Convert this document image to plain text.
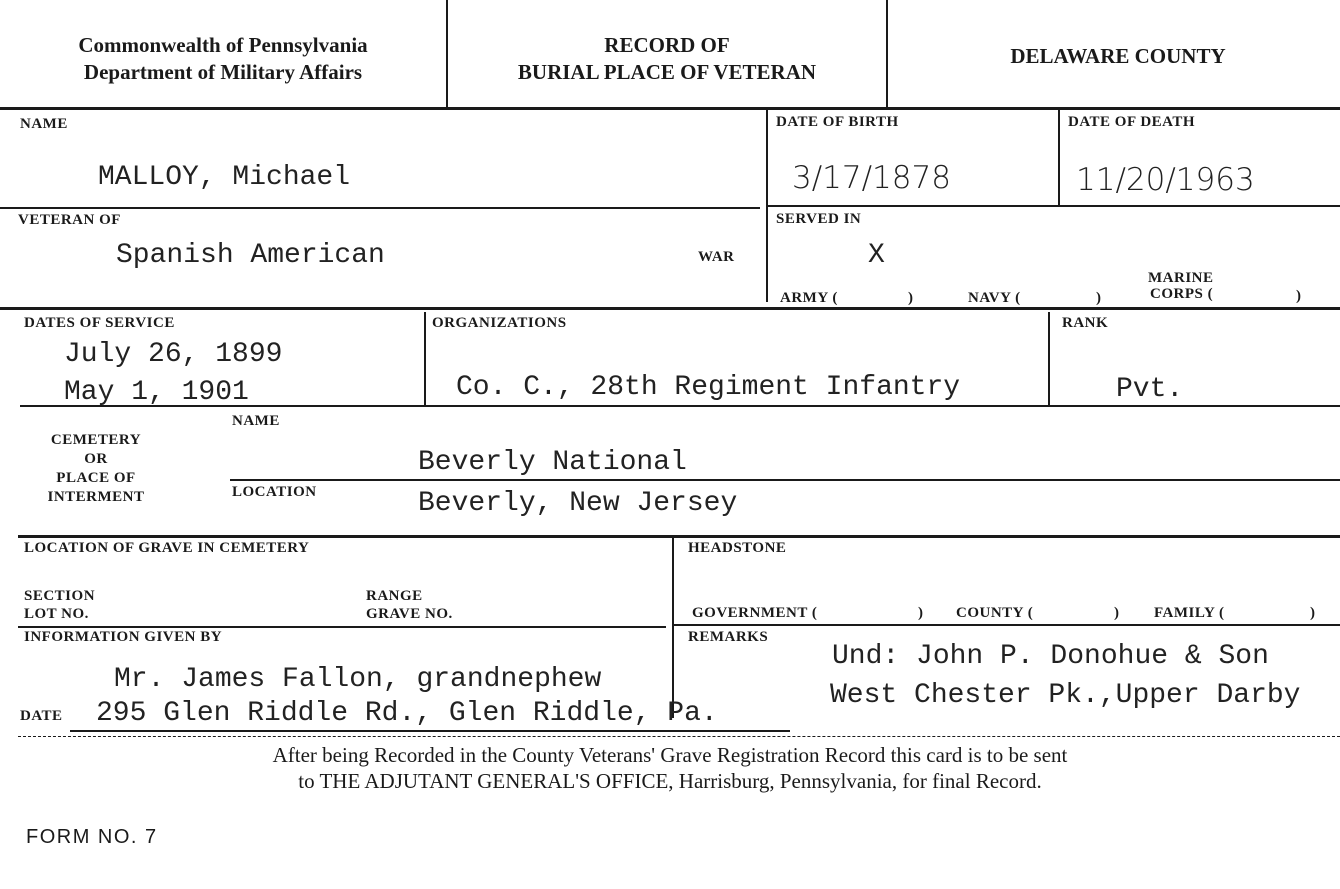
Commonwealth of Pennsylvania
Department of Military Affairs
RECORD OF
BURIAL PLACE OF VETERAN
DELAWARE COUNTY
NAME
MALLOY, Michael
DATE OF BIRTH
3/17/1878
DATE OF DEATH
11/20/1963
VETERAN OF
Spanish American	WAR
SERVED IN
X
ARMY (	)	NAVY (	)
MARINE
CORPS (	)
DATES OF SERVICE
July 26, 1899
May 1, 1901
ORGANIZATIONS
Co. C., 28th Regiment Infantry
RANK
Pvt.
NAME
CEMETERY
OR
PLACE OF
INTERMENT
Beverly National
LOCATION	Beverly, New Jersey
LOCATION OF GRAVE IN CEMETERY	HEADSTONE
SECTION
LOT NO.
RANGE
GRAVE NO.	GOVERNMENT (	) COUNTY (	) FAMILY (	)
INFORMATION GIVEN BY
Mr. James Fallon, grandnephew
DATE 295 Glen Riddle Rd., Glen Riddle, Pa.
REMARKS
Und: John P. Donohue & Son
West Chester Pk.,Upper Darby
After being Recorded in the County Veterans' Grave Registration Record this card is to be sent
to THE ADJUTANT GENERAL'S OFFICE, Harrisburg, Pennsylvania, for final Record.
FORM NO. 7
